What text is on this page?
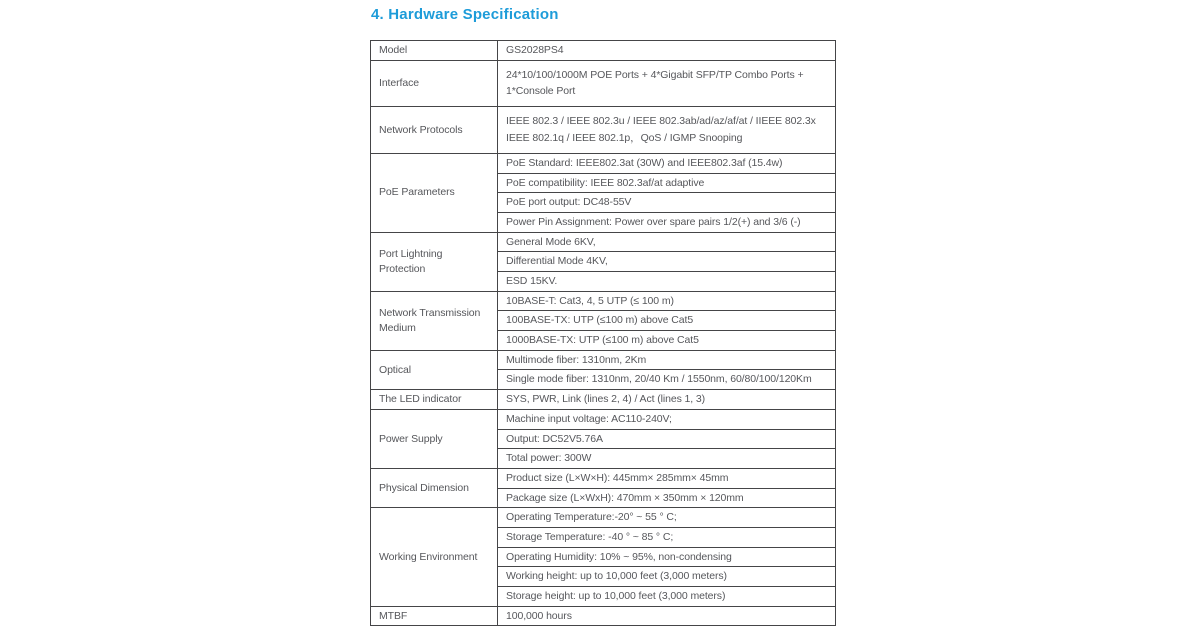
4. Hardware Specification
Model	GS2028PS4
Interface	24*10/100/1000M POE Ports + 4*Gigabit SFP/TP Combo Ports + 1*Console Port
Network Protocols	IEEE 802.3 / IEEE 802.3u / IEEE 802.3ab/ad/az/af/at / IIEEE 802.3x IEEE 802.1q / IEEE 802.1p，QoS / IGMP Snooping
PoE Parameters	PoE Standard: IEEE802.3at (30W) and IEEE802.3af (15.4w)
	PoE compatibility: IEEE 802.3af/at adaptive
	PoE port output: DC48-55V
	Power Pin Assignment: Power over spare pairs 1/2(+) and 3/6 (-)
Port Lightning Protection	General Mode 6KV,
	Differential Mode 4KV,
	ESD 15KV.
Network Transmission Medium	10BASE-T: Cat3, 4, 5 UTP (≤ 100 m)
	100BASE-TX: UTP (≤100 m) above Cat5
	1000BASE-TX: UTP (≤100 m) above Cat5
Optical	Multimode fiber: 1310nm, 2Km
	Single mode fiber: 1310nm, 20/40 Km / 1550nm, 60/80/100/120Km
The LED indicator	SYS, PWR, Link (lines 2, 4) / Act (lines 1, 3)
Power Supply	Machine input voltage: AC110-240V;
	Output: DC52V5.76A
	Total power: 300W
Physical Dimension	Product size (L×W×H): 445mm× 285mm× 45mm
	Package size (L×WxH): 470mm × 350mm × 120mm
Working Environment	Operating Temperature:-20° ~ 55 ° C;
	Storage Temperature: -40 ° ~ 85 ° C;
	Operating Humidity: 10% ~ 95%, non-condensing
	Working height: up to 10,000 feet (3,000 meters)
	Storage height: up to 10,000 feet (3,000 meters)
MTBF	100,000 hours
